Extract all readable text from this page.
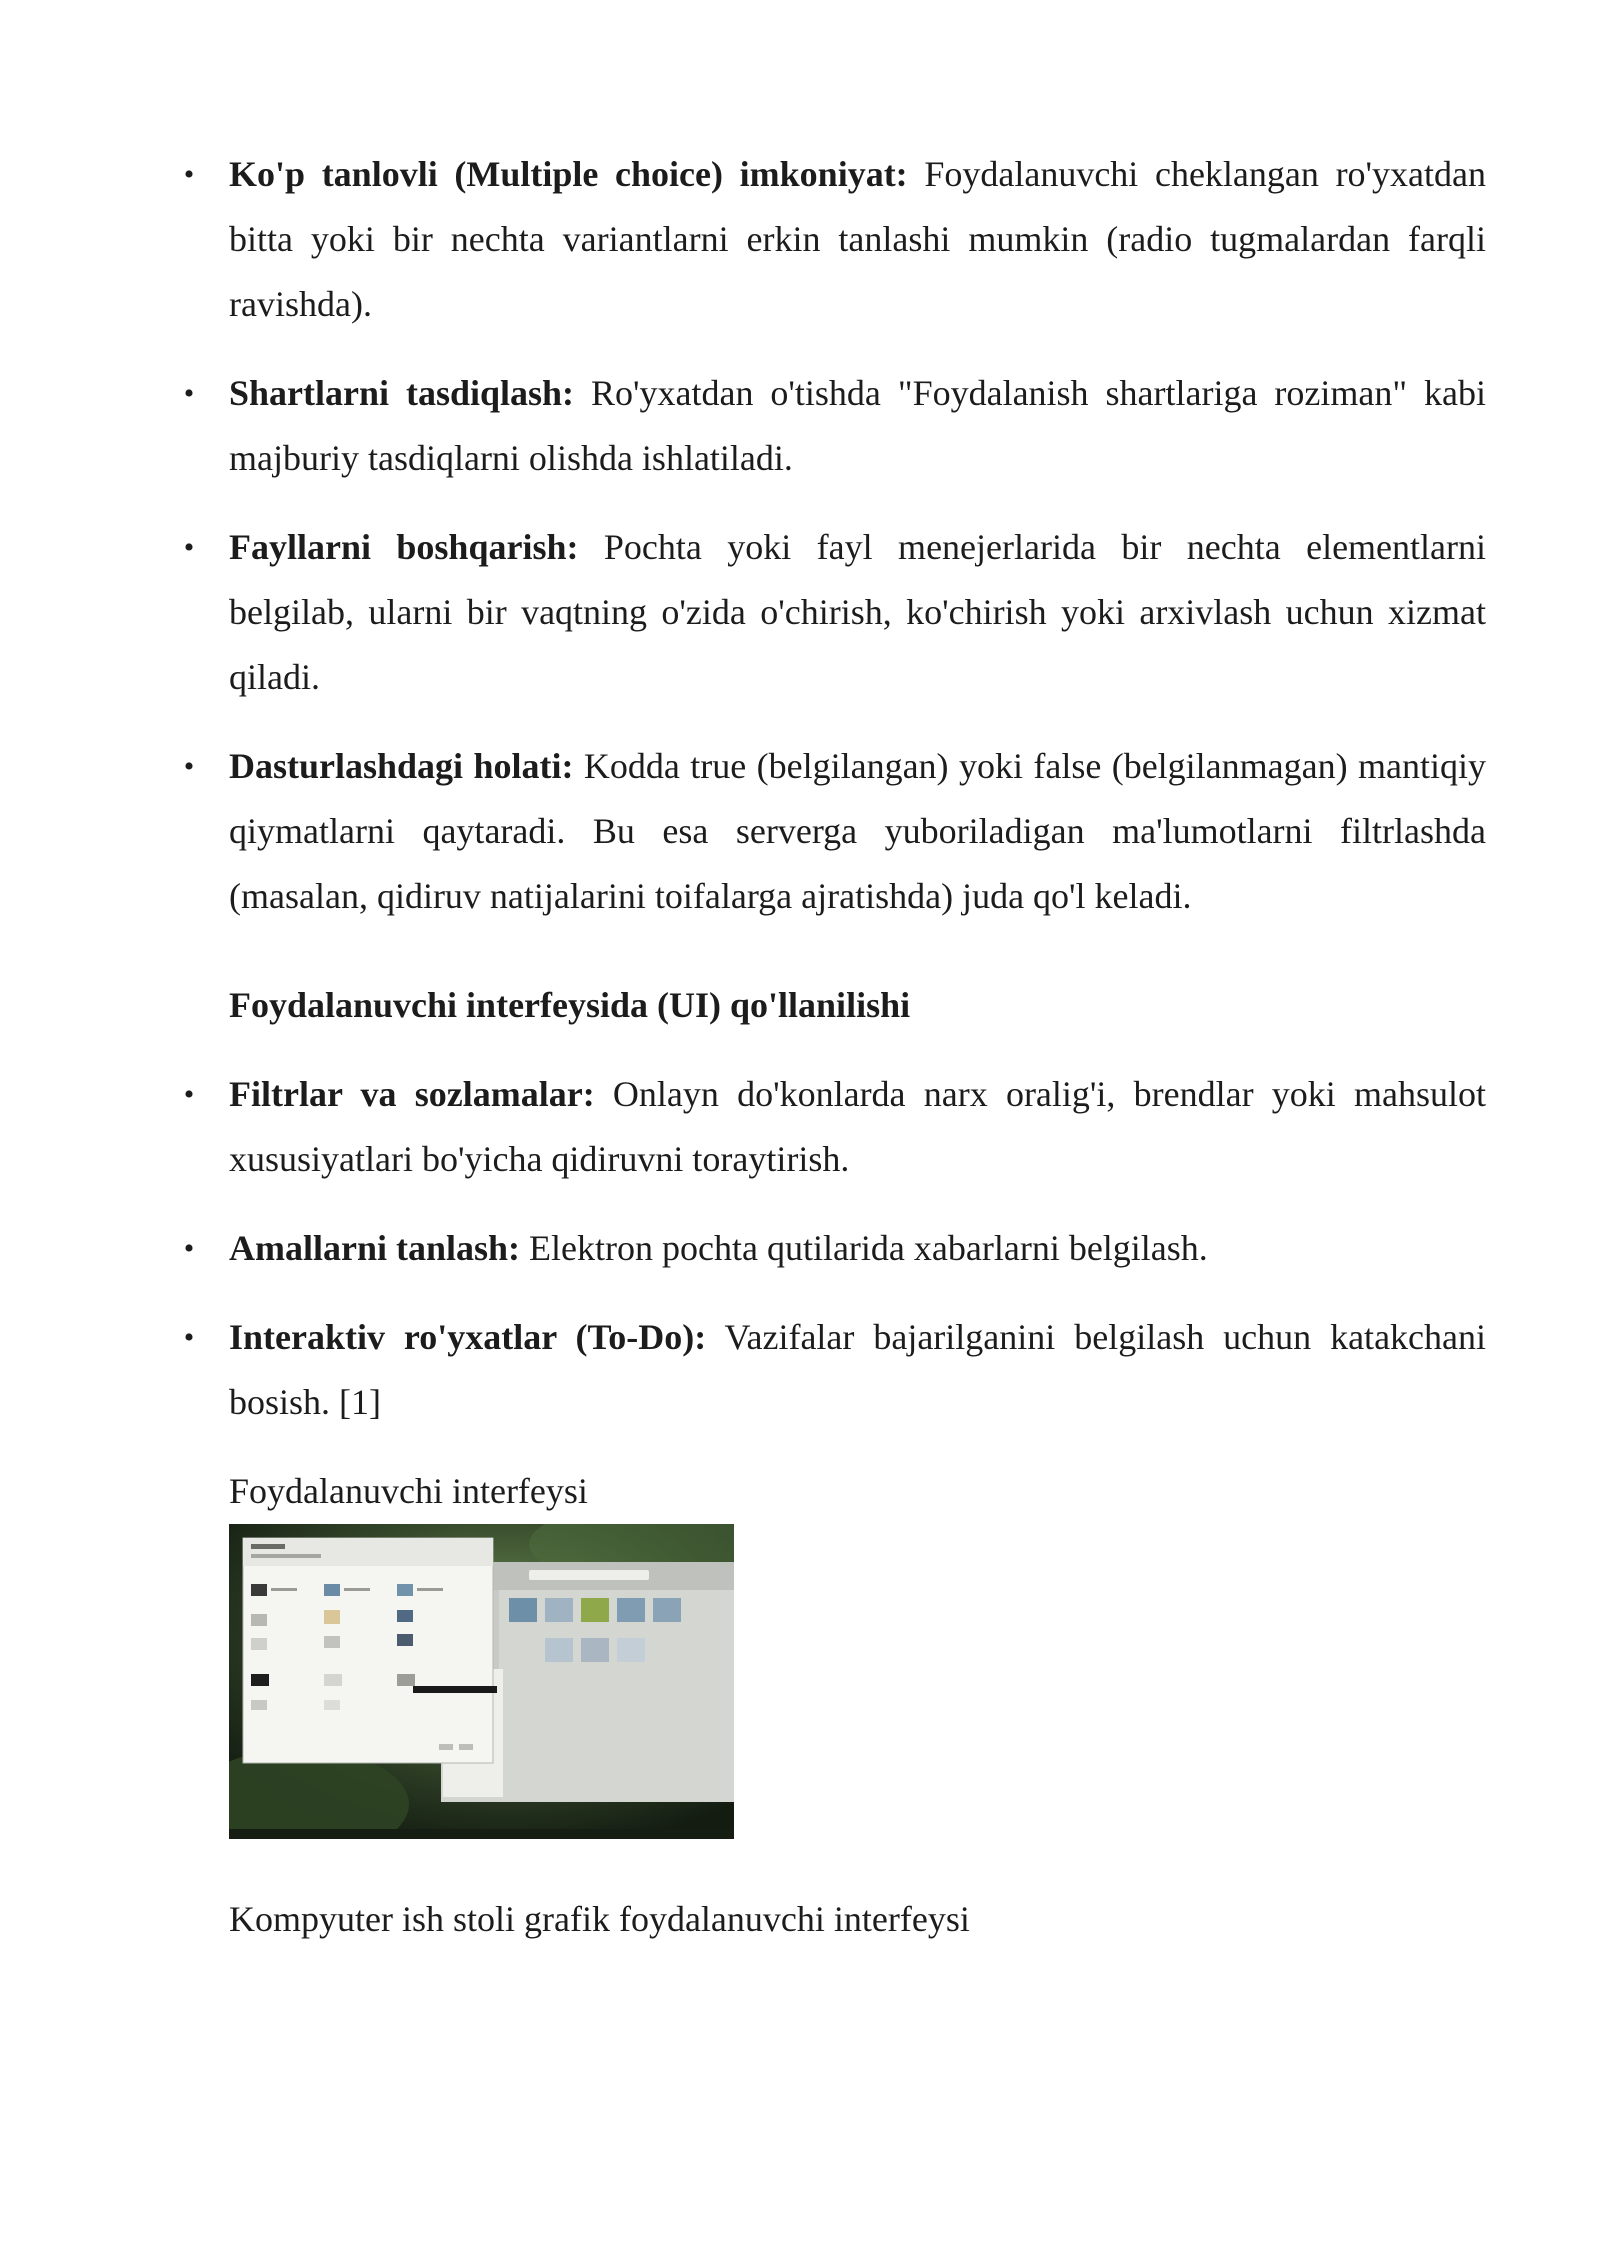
• Ko'p tanlovli (Multiple choice) imkoniyat: Foydalanuvchi cheklangan ro'yxatdan bitta yoki bir nechta variantlarni erkin tanlashi mumkin (radio tugmalardan farqli ravishda).
• Shartlarni tasdiqlash: Ro'yxatdan o'tishda "Foydalanish shartlariga roziman" kabi majburiy tasdiqlarni olishda ishlatiladi.
• Fayllarni boshqarish: Pochta yoki fayl menejerlarida bir nechta elementlarni belgilab, ularni bir vaqtning o'zida o'chirish, ko'chirish yoki arxivlash uchun xizmat qiladi.
• Dasturlashdagi holati: Kodda true (belgilangan) yoki false (belgilanmagan) mantiqiy qiymatlarni qaytaradi. Bu esa serverga yuboriladigan ma'lumotlarni filtrlashda (masalan, qidiruv natijalarini toifalarga ajratishda) juda qo'l keladi.
Foydalanuvchi interfeysida (UI) qo'llanilishi
• Filtrlar va sozlamalar: Onlayn do'konlarda narx oralig'i, brendlar yoki mahsulot xususiyatlari bo'yicha qidiruvni toraytirish.
• Amallarni tanlash: Elektron pochta qutilarida xabarlarni belgilash.
• Interaktiv ro'yxatlar (To-Do): Vazifalar bajarilganini belgilash uchun katakchani bosish. [1]
Foydalanuvchi interfeysi
Kompyuter ish stoli grafik foydalanuvchi interfeysi
